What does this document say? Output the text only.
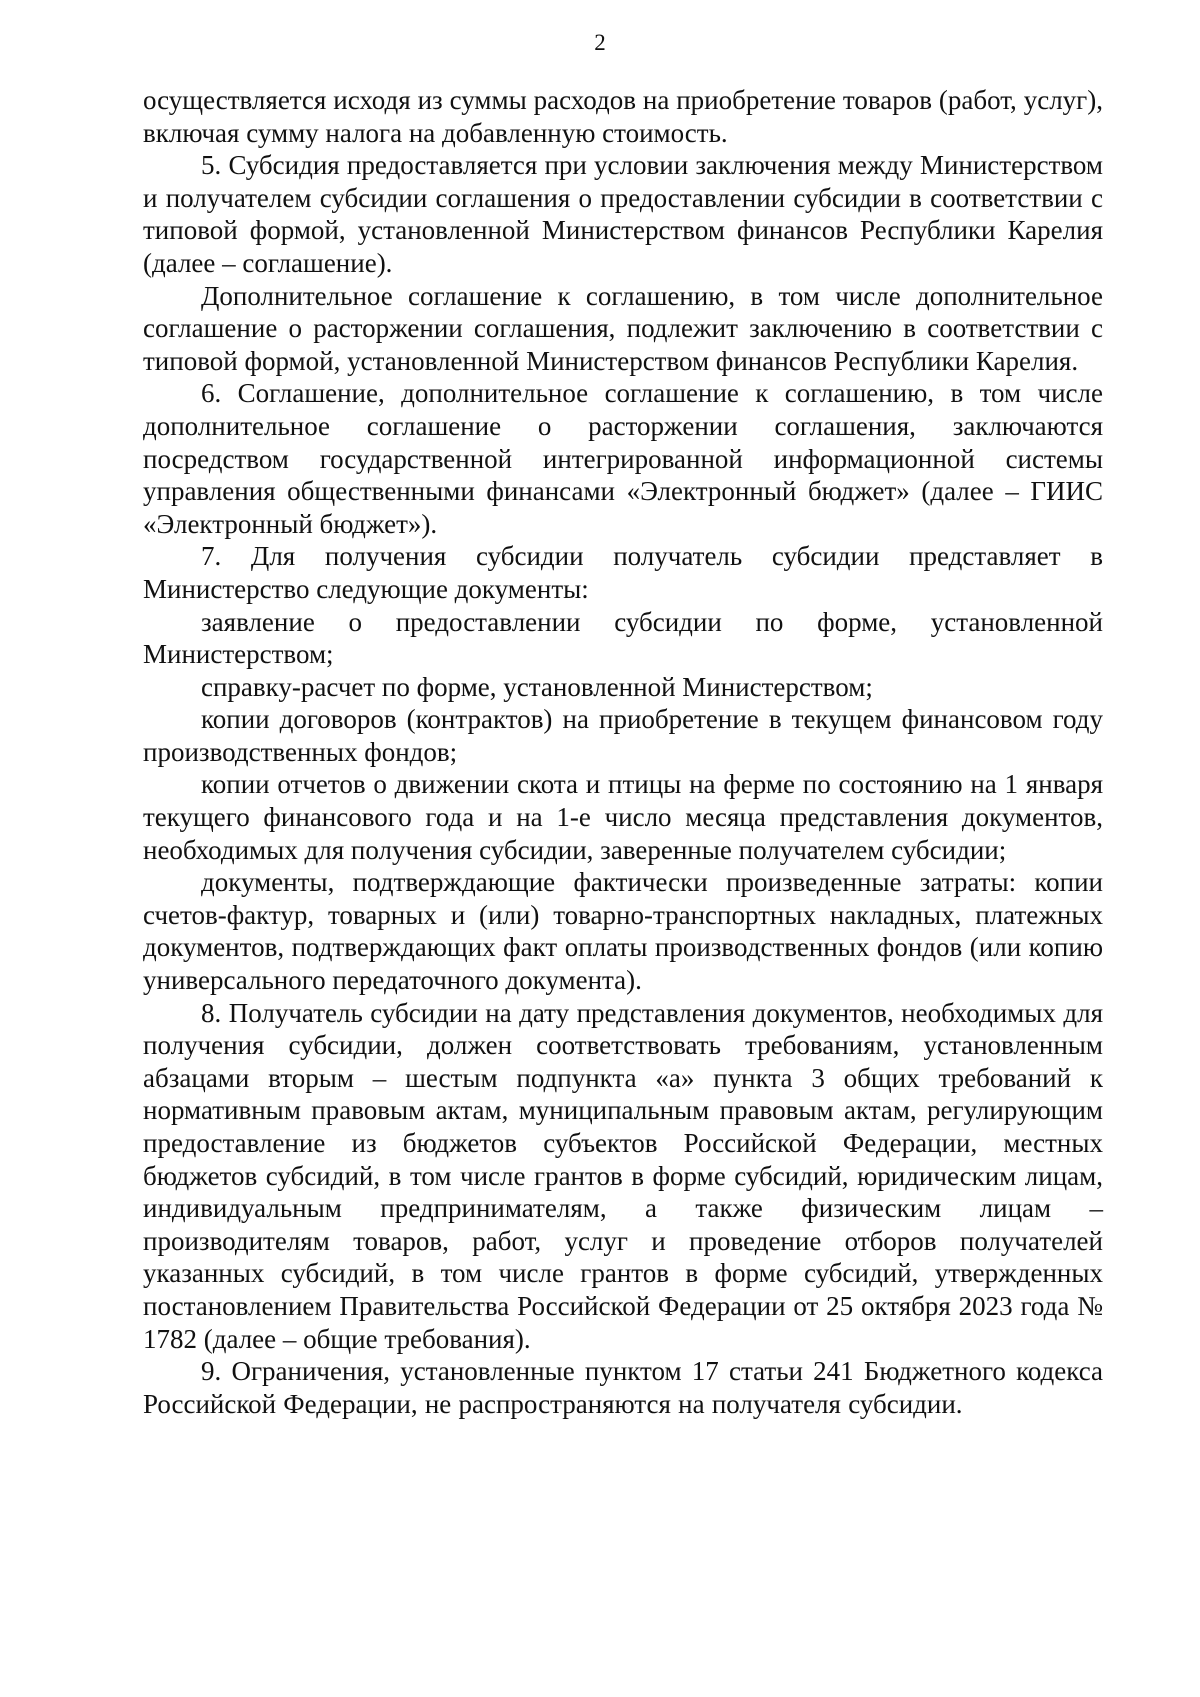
2

осуществляется исходя из суммы расходов на приобретение товаров (работ, услуг), включая сумму налога на добавленную стоимость.

5. Субсидия предоставляется при условии заключения между Министерством и получателем субсидии соглашения о предоставлении субсидии в соответствии с типовой формой, установленной Министерством финансов Республики Карелия (далее – соглашение).

Дополнительное соглашение к соглашению, в том числе дополнительное соглашение о расторжении соглашения, подлежит заключению в соответствии с типовой формой, установленной Министерством финансов Республики Карелия.

6. Соглашение, дополнительное соглашение к соглашению, в том числе дополнительное соглашение о расторжении соглашения, заключаются посредством государственной интегрированной информационной системы управления общественными финансами «Электронный бюджет» (далее – ГИИС «Электронный бюджет»).

7. Для получения субсидии получатель субсидии представляет в Министерство следующие документы:

заявление о предоставлении субсидии по форме, установленной Министерством;

справку-расчет по форме, установленной Министерством;

копии договоров (контрактов) на приобретение в текущем финансовом году производственных фондов;

копии отчетов о движении скота и птицы на ферме по состоянию на 1 января текущего финансового года и на 1-е число месяца представления документов, необходимых для получения субсидии, заверенные получателем субсидии;

документы, подтверждающие фактически произведенные затраты: копии счетов-фактур, товарных и (или) товарно-транспортных накладных, платежных документов, подтверждающих факт оплаты производственных фондов (или копию универсального передаточного документа).

8. Получатель субсидии на дату представления документов, необходимых для получения субсидии, должен соответствовать требованиям, установленным абзацами вторым – шестым подпункта «а» пункта 3 общих требований к нормативным правовым актам, муниципальным правовым актам, регулирующим предоставление из бюджетов субъектов Российской Федерации, местных бюджетов субсидий, в том числе грантов в форме субсидий, юридическим лицам, индивидуальным предпринимателям, а также физическим лицам – производителям товаров, работ, услуг и проведение отборов получателей указанных субсидий, в том числе грантов в форме субсидий, утвержденных постановлением Правительства Российской Федерации от 25 октября 2023 года № 1782 (далее – общие требования).

9. Ограничения, установленные пунктом 17 статьи 241 Бюджетного кодекса Российской Федерации, не распространяются на получателя субсидии.
